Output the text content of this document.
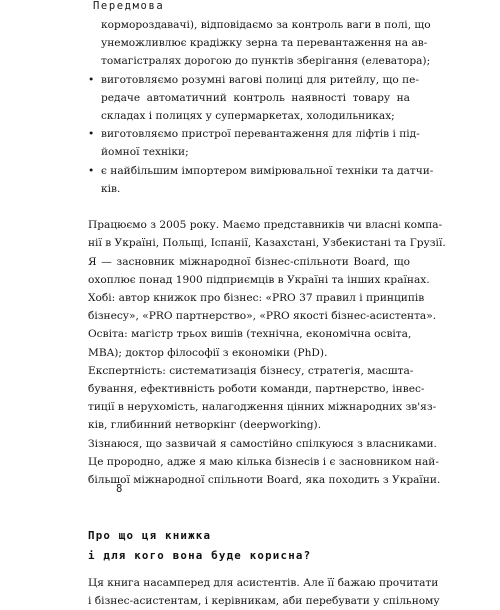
Передмова
кормороздавачі), відповідаємо за контроль ваги в полі, що
унеможливлює крадіжку зерна та перевантаження на ав-
томагістралях дорогою до пунктів зберігання (елеватора);
• виготовляємо розумні вагові полиці для ритейлу, що пе-
редаче автоматичний контроль наявності товару на
складах і полицях у супермаркетах, холодильниках;
• виготовляємо пристрої перевантаження для ліфтів і під-
йомної техніки;
• є найбільшим імпортером вимірювальної техніки та датчи-
ків.
Працюємо з 2005 року. Маємо представників чи власні компа-
нії в Україні, Польщі, Іспанії, Казахстані, Узбекистані та Грузії.
Я — засновник міжнародної бізнес-спільноти Board, що
охоплює понад 1900 підприємців в Україні та інших країнах.
Хобі: автор книжок про бізнес: «PRO 37 правил і принципів
бізнесу», «PRO партнерство», «PRO якості бізнес-асистента».
Освіта: магістр трьох вишів (технічна, економічна освіта,
MBA); доктор філософії з економіки (PhD).
Експертність: систематизація бізнесу, стратегія, масшта-
бування, ефективність роботи команди, партнерство, інвес-
тиції в нерухомість, налагодження цінних міжнародних зв'яз-
ків, глибинний нетворкінг (deepworking).
Зізнаюся, що зазвичай я самостійно спілкуюся з власниками.
Це прородно, адже я маю кілька бізнесів і є засновником най-
більшої міжнародної спільноти Board, яка походить з України.
Про що ця книжка
і для кого вона буде корисна?
Ця книга насамперед для асистентів. Але її бажаю прочитати
і бізнес-асистентам, і керівникам, аби перебувати у спільному
8
